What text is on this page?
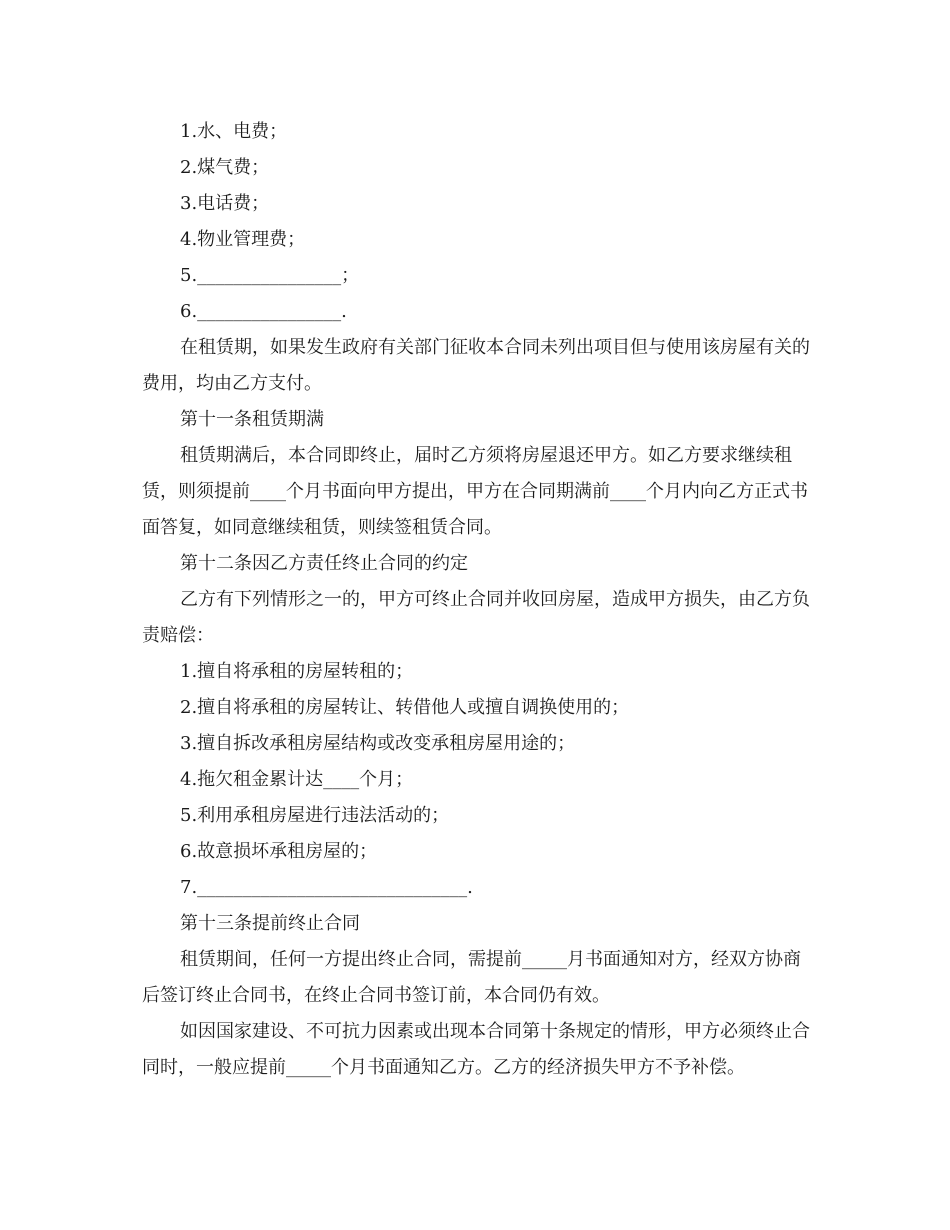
1.水、电费；

2.煤气费；

3.电话费；

4.物业管理费；

5.________________；

6.________________.

在租赁期，如果发生政府有关部门征收本合同未列出项目但与使用该房屋有关的费用，均由乙方支付。

第十一条租赁期满

租赁期满后，本合同即终止，届时乙方须将房屋退还甲方。如乙方要求继续租赁，则须提前____个月书面向甲方提出，甲方在合同期满前____个月内向乙方正式书面答复，如同意继续租赁，则续签租赁合同。

第十二条因乙方责任终止合同的约定

乙方有下列情形之一的，甲方可终止合同并收回房屋，造成甲方损失，由乙方负责赔偿：

1.擅自将承租的房屋转租的；

2.擅自将承租的房屋转让、转借他人或擅自调换使用的；

3.擅自拆改承租房屋结构或改变承租房屋用途的；

4.拖欠租金累计达____个月；

5.利用承租房屋进行违法活动的；

6.故意损坏承租房屋的；

7.______________________________.

第十三条提前终止合同

租赁期间，任何一方提出终止合同，需提前_____月书面通知对方，经双方协商后签订终止合同书，在终止合同书签订前，本合同仍有效。

如因国家建设、不可抗力因素或出现本合同第十条规定的情形，甲方必须终止合同时，一般应提前_____个月书面通知乙方。乙方的经济损失甲方不予补偿。
